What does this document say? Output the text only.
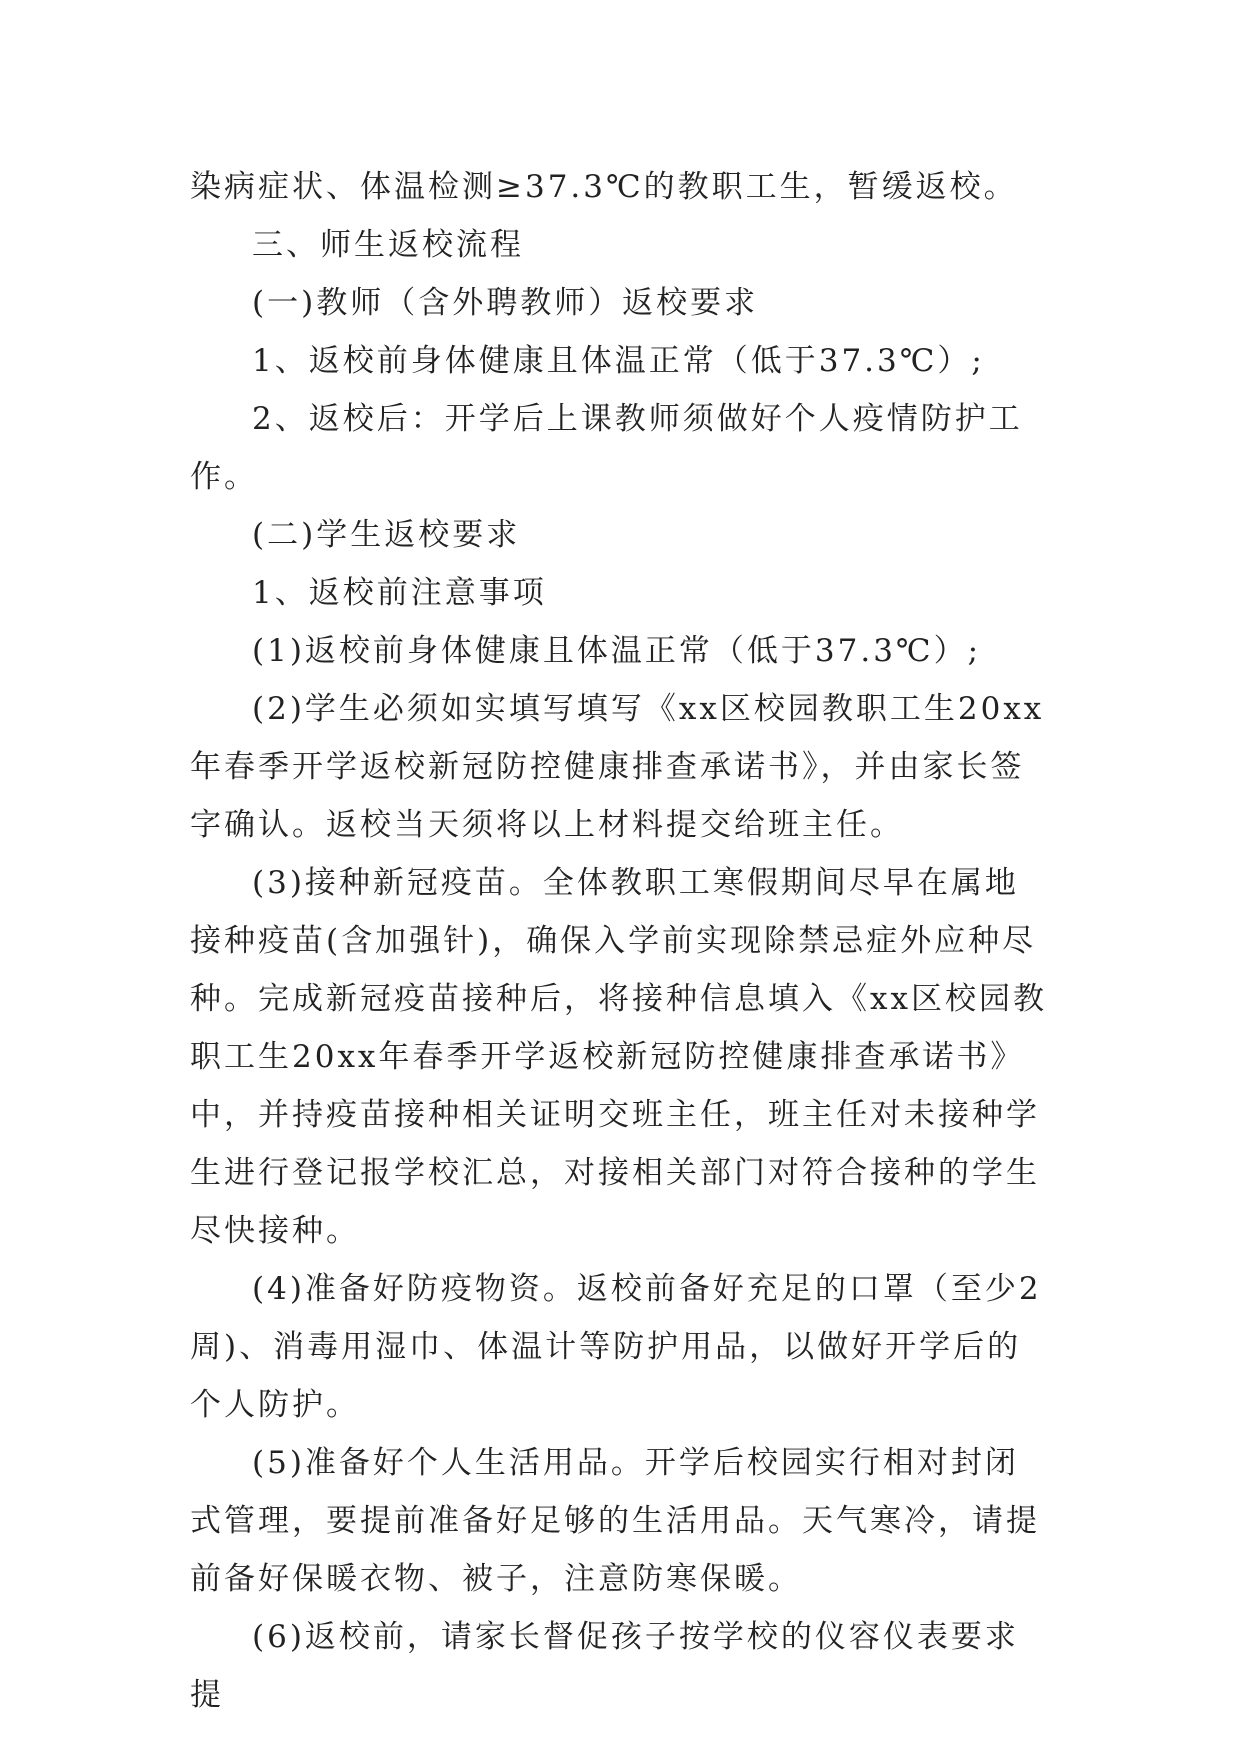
染病症状、体温检测≥37.3℃的教职工生，暂缓返校。

三、师生返校流程

(一)教师（含外聘教师）返校要求

1、返校前身体健康且体温正常（低于37.3℃）;

2、返校后：开学后上课教师须做好个人疫情防护工作。

(二)学生返校要求

1、返校前注意事项

(1)返校前身体健康且体温正常（低于37.3℃）;

(2)学生必须如实填写填写《xx区校园教职工生20xx年春季开学返校新冠防控健康排查承诺书》，并由家长签字确认。返校当天须将以上材料提交给班主任。

(3)接种新冠疫苗。全体教职工寒假期间尽早在属地接种疫苗(含加强针)，确保入学前实现除禁忌症外应种尽种。完成新冠疫苗接种后，将接种信息填入《xx区校园教职工生20xx年春季开学返校新冠防控健康排查承诺书》中，并持疫苗接种相关证明交班主任，班主任对未接种学生进行登记报学校汇总，对接相关部门对符合接种的学生尽快接种。

(4)准备好防疫物资。返校前备好充足的口罩（至少2周)、消毒用湿巾、体温计等防护用品，以做好开学后的个人防护。

(5)准备好个人生活用品。开学后校园实行相对封闭式管理，要提前准备好足够的生活用品。天气寒冷，请提前备好保暖衣物、被子，注意防寒保暖。

(6)返校前，请家长督促孩子按学校的仪容仪表要求提
